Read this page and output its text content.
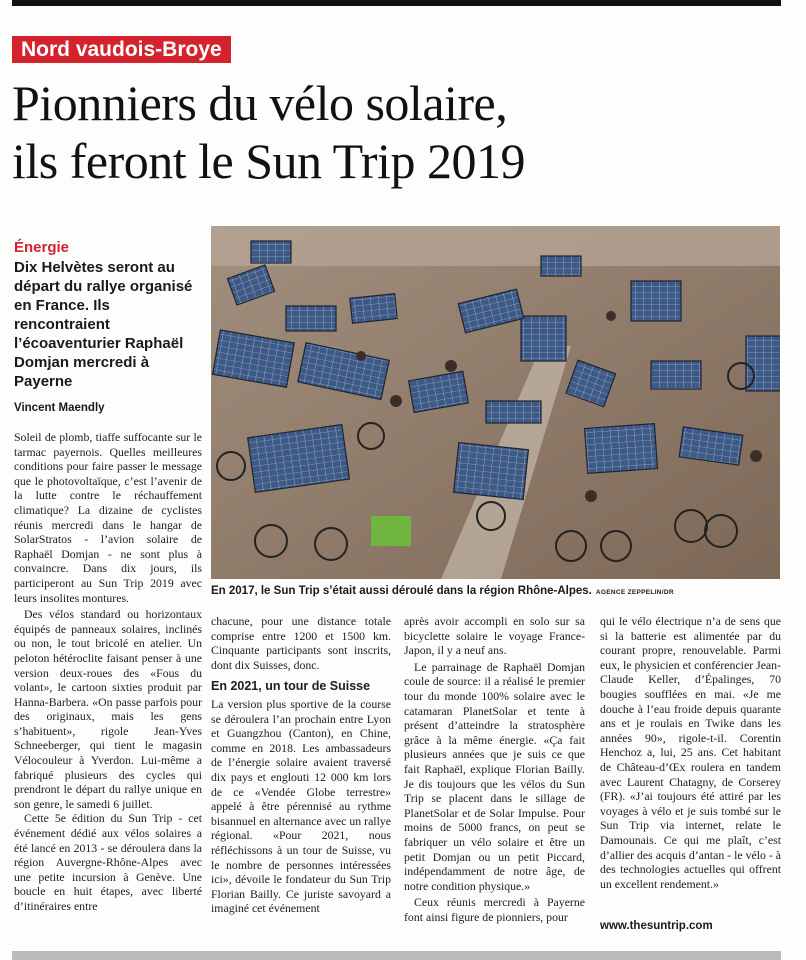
Nord vaudois-Broye
Pionniers du vélo solaire,
ils feront le Sun Trip 2019
Énergie
Dix Helvètes seront au départ du rallye organisé en France. Ils rencontraient l’écoaventurier Raphaël Domjan mercredi à Payerne
Vincent Maendly

Soleil de plomb, tiaffe suffocante sur le tarmac payernois. Quelles meilleures conditions pour faire passer le message que le photovoltaïque, c’est l’avenir de la lutte contre le réchauffement climatique? La dizaine de cyclistes réunis mercredi dans le hangar de SolarStratos - l’avion solaire de Raphaël Domjan - ne sont plus à convaincre. Dans dix jours, ils participeront au Sun Trip 2019 avec leurs insolites montures.

Des vélos standard ou horizontaux équipés de panneaux solaires, inclinés ou non, le tout bricolé en atelier. Un peloton hétéroclite faisant penser à une version deux-roues des «Fous du volant», le cartoon sixties produit par Hanna-Barbera. «On passe parfois pour des originaux, mais les gens s’habituent», rigole Jean-Yves Schneeberger, qui tient le magasin Vélocouleur à Yverdon. Lui-même a fabriqué plusieurs des cycles qui prendront le départ du rallye unique en son genre, le samedi 6 juillet.

Cette 5e édition du Sun Trip - cet événement dédié aux vélos solaires a été lancé en 2013 - se déroulera dans la région Auvergne-Rhône-Alpes avec une petite incursion à Genève. Une boucle en huit étapes, avec liberté d’itinéraires entre

En 2017, le Sun Trip s’était aussi déroulé dans la région Rhône-Alpes. AGENCE ZEPPELIN/DR

chacune, pour une distance totale comprise entre 1200 et 1500 km. Cinquante participants sont inscrits, dont dix Suisses, donc.

En 2021, un tour de Suisse

La version plus sportive de la course se déroulera l’an prochain entre Lyon et Guangzhou (Canton), en Chine, comme en 2018. Les ambassadeurs de l’énergie solaire avaient traversé dix pays et englouti 12 000 km lors de ce «Vendée Globe terrestre» appelé à être pérennisé au rythme bisannuel en alternance avec un rallye régional. «Pour 2021, nous réfléchissons à un tour de Suisse, vu le nombre de personnes intéressées ici», dévoile le fondateur du Sun Trip Florian Bailly. Ce juriste savoyard a imaginé cet événement

après avoir accompli en solo sur sa bicyclette solaire le voyage France-Japon, il y a neuf ans.

Le parrainage de Raphaël Domjan coule de source: il a réalisé le premier tour du monde 100% solaire avec le catamaran PlanetSolar et tente à présent d’atteindre la stratosphère grâce à la même énergie. «Ça fait plusieurs années que je suis ce que fait Raphaël, explique Florian Bailly. Je dis toujours que les vélos du Sun Trip se placent dans le sillage de PlanetSolar et de Solar Impulse. Pour moins de 5000 francs, on peut se fabriquer un vélo solaire et être un petit Domjan ou un petit Piccard, indépendamment de notre âge, de notre condition physique.»

Ceux réunis mercredi à Payerne font ainsi figure de pionniers, pour

qui le vélo électrique n’a de sens que si la batterie est alimentée par du courant propre, renouvelable. Parmi eux, le physicien et conférencier Jean-Claude Keller, d’Épalinges, 70 bougies soufflées en mai. «Je me douche à l’eau froide depuis quarante ans et je roulais en Twike dans les années 90», rigole-t-il. Corentin Henchoz a, lui, 25 ans. Cet habitant de Château-d’Œx roulera en tandem avec Laurent Chatagny, de Corserey (FR). «J’ai toujours été attiré par les voyages à vélo et je suis tombé sur le Sun Trip via internet, relate le Damounais. Ce qui me plaît, c’est d’allier des acquis d’antan - le vélo - à des technologies actuelles qui offrent un excellent rendement.»

www.thesuntrip.com
